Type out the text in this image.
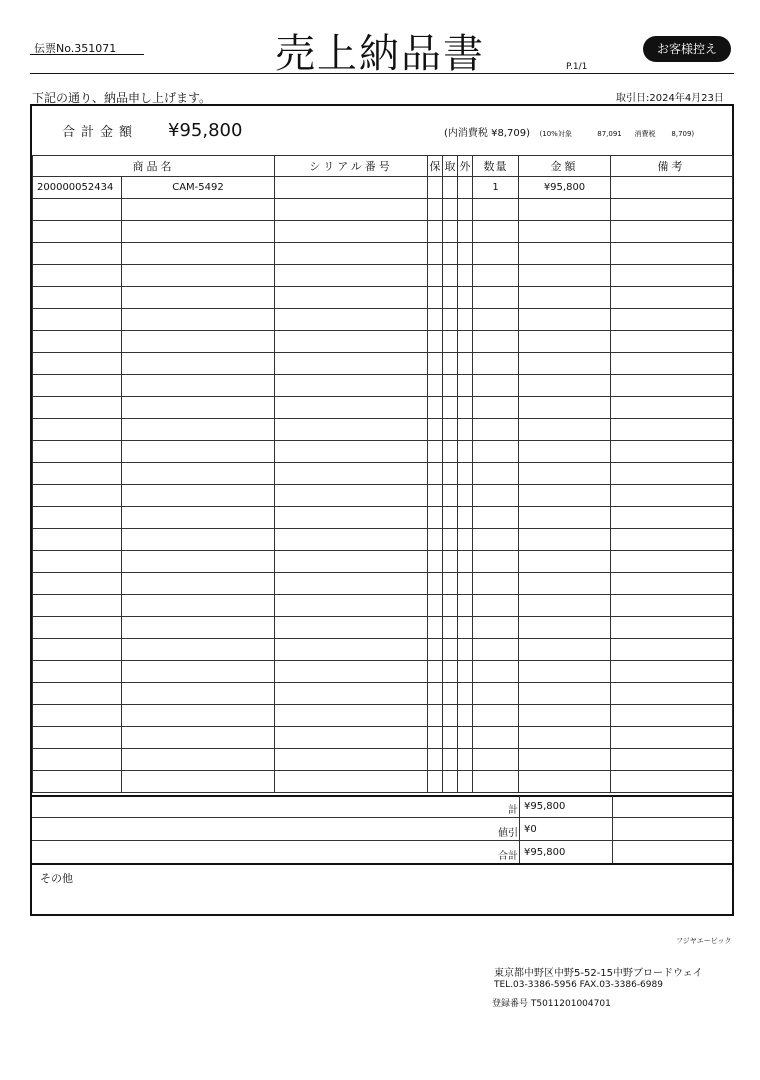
伝票No.351071	売上納品書	P.1/1
お客様控え
下記の通り、納品申し上げます。	取引日:2024年4月23日
合計金額 ¥95,800	(内消費税 ¥8,709) (10%対象	87,091 消費税 8,709)
商品名		シリアル番号	保	取	外	数量	金額	備考
200000052434	CAM-5492					1	¥95,800	

計 ¥95,800
値引 ¥0
合計 ¥95,800
その他
フジヤエービック
東京都中野区中野5-52-15中野ブロードウェイ
TEL.03-3386-5956 FAX.03-3386-6989
登録番号 T5011201004701
